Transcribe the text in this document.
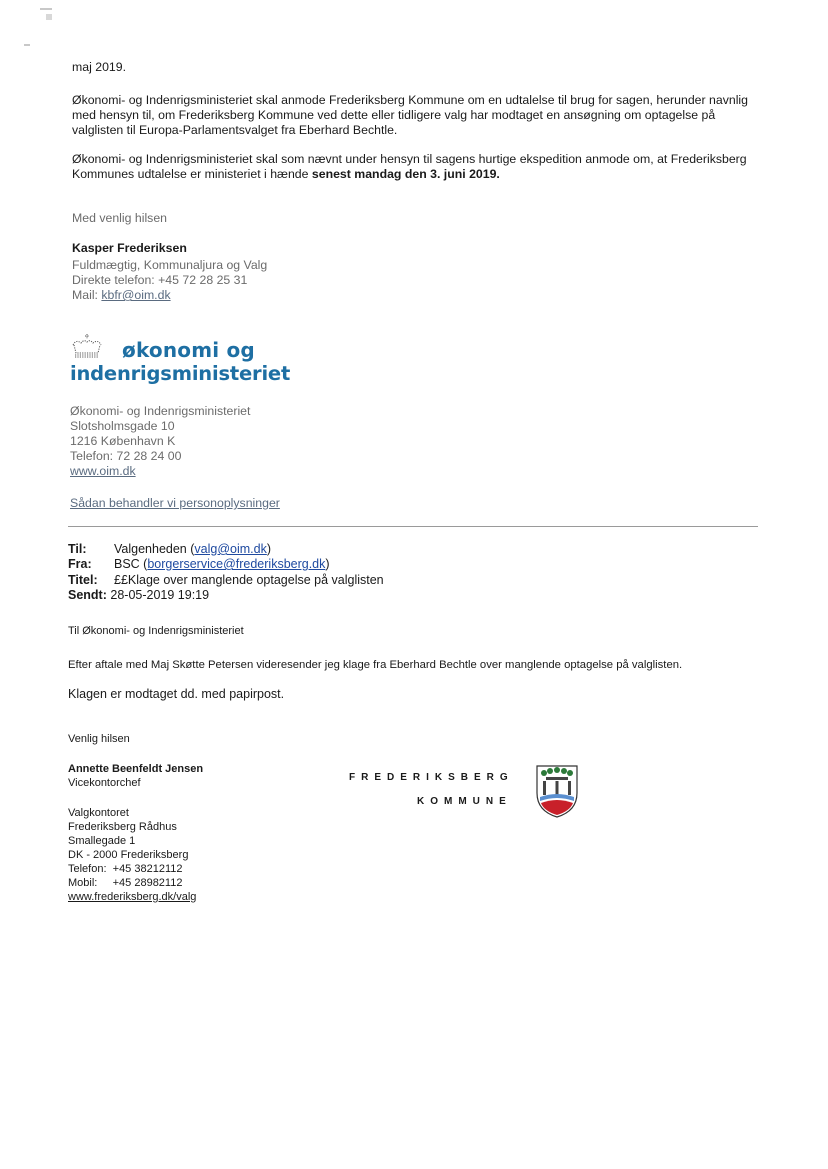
maj 2019.
Økonomi- og Indenrigsministeriet skal anmode Frederiksberg Kommune om en udtalelse til brug for sagen, herunder navnlig med hensyn til, om Frederiksberg Kommune ved dette eller tidligere valg har modtaget en ansøgning om optagelse på valglisten til Europa-Parlamentsvalget fra Eberhard Bechtle.
Økonomi- og Indenrigsministeriet skal som nævnt under hensyn til sagens hurtige ekspedition anmode om, at Frederiksberg Kommunes udtalelse er ministeriet i hænde senest mandag den 3. juni 2019.
Med venlig hilsen
Kasper Frederiksen
Fuldmægtig, Kommunaljura og Valg
Direkte telefon: +45 72 28 25 31
Mail: kbfr@oim.dk
økonomi og
indenrigsministeriet
Økonomi- og Indenrigsministeriet
Slotsholmsgade 10
1216 København K
Telefon: 72 28 24 00
www.oim.dk
Sådan behandler vi personoplysninger
Til: Valgenheden (valg@oim.dk)
Fra: BSC (borgerservice@frederiksberg.dk)
Titel: ££Klage over manglende optagelse på valglisten
Sendt: 28-05-2019 19:19
Til Økonomi- og Indenrigsministeriet
Efter aftale med Maj Skøtte Petersen videresender jeg klage fra Eberhard Bechtle over manglende optagelse på valglisten.
Klagen er modtaget dd. med papirpost.
Venlig hilsen
Annette Beenfeldt Jensen
Vicekontorchef
Valgkontoret
Frederiksberg Rådhus
Smallegade 1
DK - 2000 Frederiksberg
Telefon:  +45 38212112
Mobil:     +45 28982112
www.frederiksberg.dk/valg
FREDERIKSBERG
KOMMUNE
